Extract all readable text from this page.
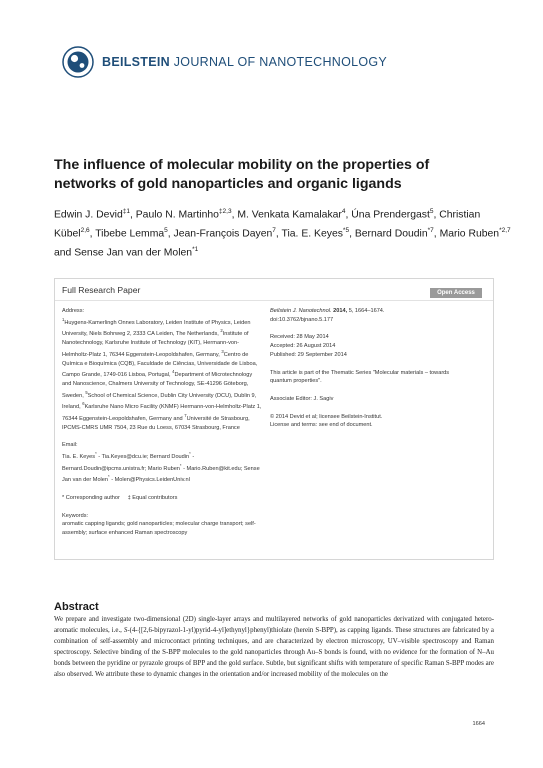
BEILSTEIN JOURNAL OF NANOTECHNOLOGY
The influence of molecular mobility on the properties of networks of gold nanoparticles and organic ligands
Edwin J. Devid$^{\ddagger 1}$, Paulo N. Martinho$^{\ddagger 2,3}$, M. Venkata Kamalakar$^4$, Úna Prendergast$^5$, Christian Kübel$^{2,6}$, Tibebe Lemma$^5$, Jean-François Dayen$^7$, Tia. E. Keyes$^{*5}$, Bernard Doudin$^{*7}$, Mario Ruben$^{*2,7}$ and Sense Jan van der Molen$^{*1}$
Full Research Paper	Open Access

Address:
$^1$Huygens-Kamerlingh Onnes Laboratory, Leiden Institute of Physics, Leiden University, Niels Bohrweg 2, 2333 CA Leiden, The Netherlands, $^2$Institute of Nanotechnology, Karlsruhe Institute of Technology (KIT), Hermann-von-Helmholtz-Platz 1, 76344 Eggenstein-Leopoldshafen, Germany, $^3$Centro de Química e Bioquímica (CQB), Faculdade de Ciências, Universidade de Lisboa, Campo Grande, 1749-016 Lisboa, Portugal, $^4$Department of Microtechnology and Nanoscience, Chalmers University of Technology, SE-41296 Göteborg, Sweden, $^5$School of Chemical Science, Dublin City University (DCU), Dublin 9, Ireland, $^6$Karlsruhe Nano Micro Facility (KNMF) Hermann-von-Helmholtz-Platz 1, 76344 Eggenstein-Leopoldshafen, Germany and $^7$Université de Strasbourg, IPCMS-CMRS UMR 7504, 23 Rue du Loess, 67034 Strasbourg, France

Email:
Tia. E. Keyes* - Tia.Keyes@dcu.ie; Bernard Doudin* - Bernard.Doudin@ipcms.unistra.fr; Mario Ruben* - Mario.Ruben@kit.edu; Sense Jan van der Molen* - Molen@Physics.LeidenUniv.nl

* Corresponding author     ‡ Equal contributors

Keywords:
aromatic capping ligands; gold nanoparticles; molecular charge transport; self-assembly; surface enhanced Raman spectroscopy

Beilstein J. Nanotechnol. 2014, 5, 1664–1674.
doi:10.3762/bjnano.5.177

Received: 28 May 2014
Accepted: 26 August 2014
Published: 29 September 2014

This article is part of the Thematic Series "Molecular materials – towards quantum properties".

Associate Editor: J. Sagiv

© 2014 Devid et al; licensee Beilstein-Institut.
License and terms: see end of document.

Abstract
We prepare and investigate two-dimensional (2D) single-layer arrays and multilayered networks of gold nanoparticles derivatized with conjugated hetero-aromatic molecules, i.e., S-(4-{[2,6-bipyrazol-1-yl)pyrid-4-yl]ethynyl}phenyl)thiolate (herein S-BPP), as capping ligands. These structures are fabricated by a combination of self-assembly and microcontact printing techniques, and are characterized by electron microscopy, UV–visible spectroscopy and Raman spectroscopy. Selective binding of the S-BPP molecules to the gold nanoparticles through Au–S bonds is found, with no evidence for the formation of N–Au bonds between the pyridine or pyrazole groups of BPP and the gold surface. Subtle, but significant shifts with temperature of specific Raman S-BPP modes are also observed. We attribute these to dynamic changes in the orientation and/or increased mobility of the molecules on the
1664
